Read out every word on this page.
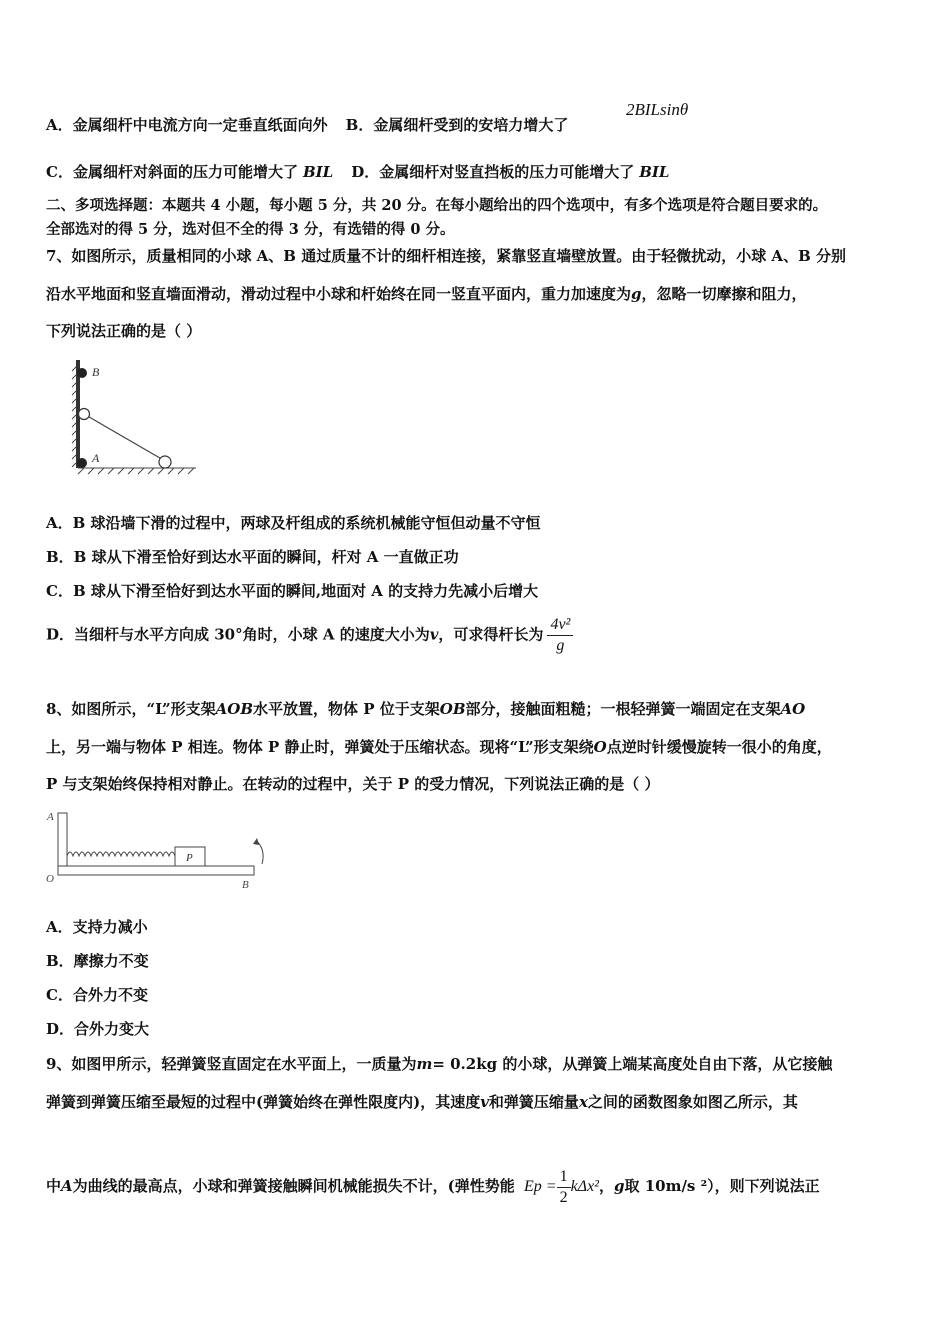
A．金属细杆中电流方向一定垂直纸面向外 B．金属细杆受到的安培力增大了
2BILsinθ
C．金属细杆对斜面的压力可能增大了 BIL D．金属细杆对竖直挡板的压力可能增大了 BIL
二、多项选择题：本题共 4 小题，每小题 5 分，共 20 分。在每小题给出的四个选项中，有多个选项是符合题目要求的。
全部选对的得 5 分，选对但不全的得 3 分，有选错的得 0 分。
7、如图所示，质量相同的小球 A、B 通过质量不计的细杆相连接，紧靠竖直墙壁放置。由于轻微扰动，小球 A、B 分别
沿水平地面和竖直墙面滑动，滑动过程中小球和杆始终在同一竖直平面内，重力加速度为g，忽略一切摩擦和阻力，
下列说法正确的是（ ）
B
A
A．B 球沿墙下滑的过程中，两球及杆组成的系统机械能守恒但动量不守恒
B．B 球从下滑至恰好到达水平面的瞬间，杆对 A 一直做正功
C．B 球从下滑至恰好到达水平面的瞬间,地面对 A 的支持力先减小后增大
D．当细杆与水平方向成 30°角时，小球 A 的速度大小为v，可求得杆长为 $\frac{\text{4v²}}{g}$
8、如图所示，“L”形支架AOB水平放置，物体 P 位于支架OB部分，接触面粗糙；一根轻弹簧一端固定在支架AO
上，另一端与物体 P 相连。物体 P 静止时，弹簧处于压缩状态。现将“L”形支架绕O点逆时针缓慢旋转一很小的角度，
P 与支架始终保持相对静止。在转动的过程中，关于 P 的受力情况，下列说法正确的是（ ）
P
A
O	B
A．支持力减小
B．摩擦力不变
C．合外力不变
D．合外力变大
9、如图甲所示，轻弹簧竖直固定在水平面上，一质量为m= 0.2kg 的小球，从弹簧上端某高度处自由下落，从它接触
弹簧到弹簧压缩至最短的过程中(弹簧始终在弹性限度内)，其速度v和弹簧压缩量x之间的函数图象如图乙所示，其
中A为曲线的最高点，小球和弹簧接触瞬间机械能损失不计，(弹性势能 $Ep = \frac{1}{2} k\Delta x^2$，g取 10m/s ²），则下列说法正
